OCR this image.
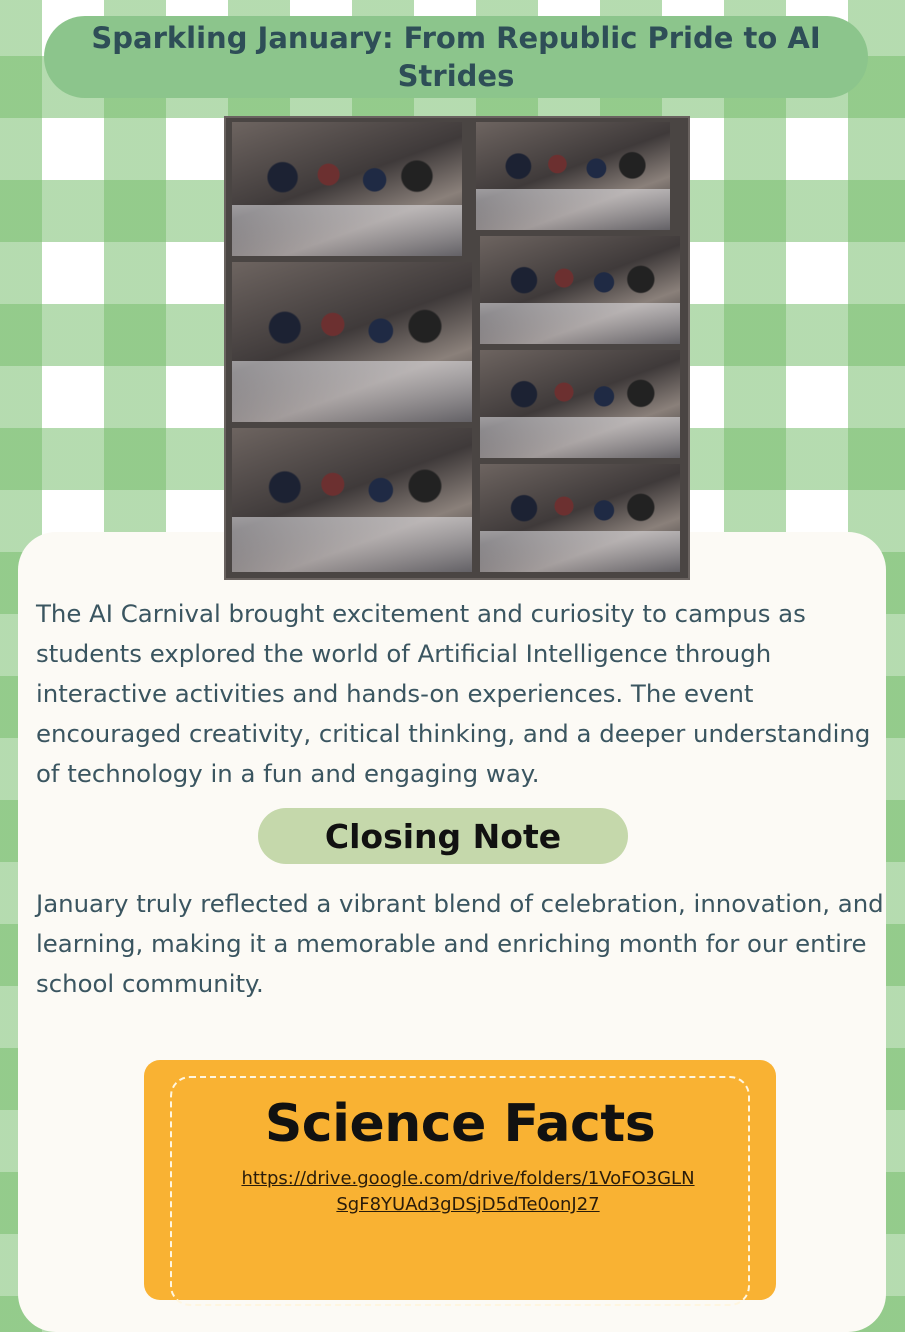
Sparkling January: From Republic Pride to AI Strides

The AI Carnival brought excitement and curiosity to campus as students explored the world of Artificial Intelligence through interactive activities and hands-on experiences. The event encouraged creativity, critical thinking, and a deeper understanding of technology in a fun and engaging way.

Closing Note

January truly reflected a vibrant blend of celebration, innovation, and learning, making it a memorable and enriching month for our entire school community.

Science Facts
https://drive.google.com/drive/folders/1VoFO3GLN
SgF8YUAd3gDSjD5dTe0onJ27
